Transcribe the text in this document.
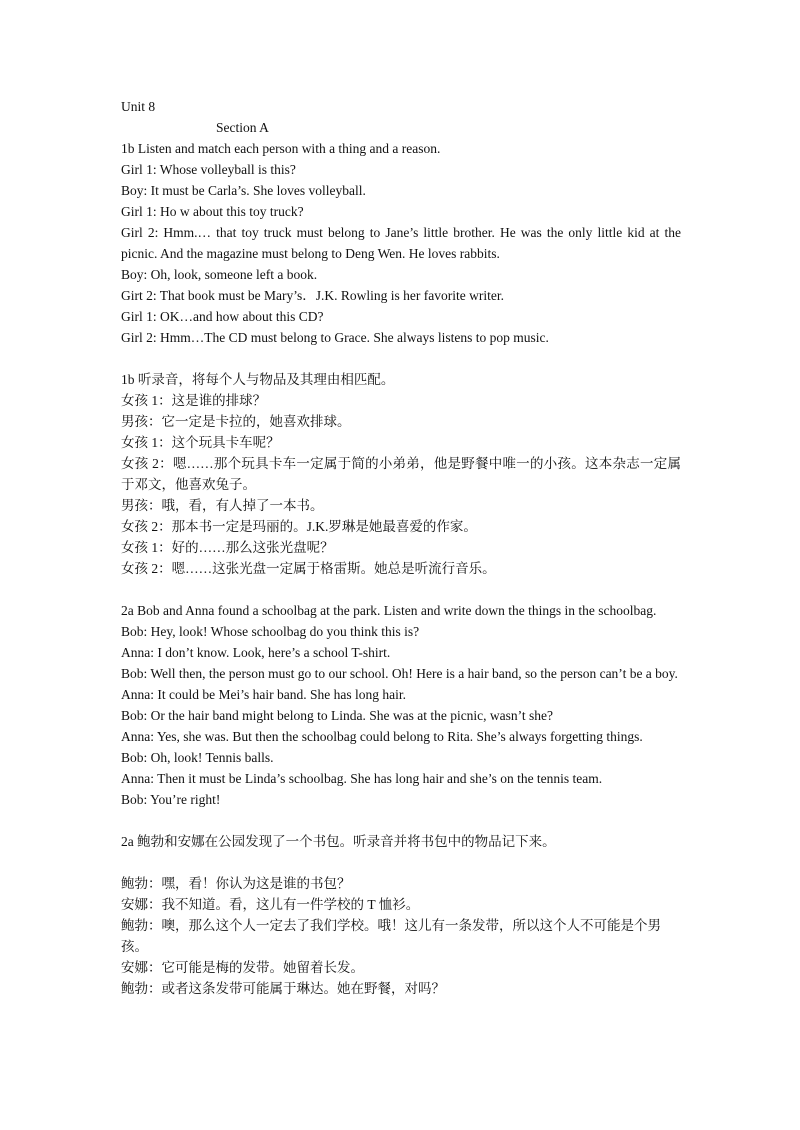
Unit 8

Section A

1b Listen and match each person with a thing and a reason.

Girl 1: Whose volleyball is this?

Boy: It must be Carla’s. She loves volleyball.

Girl 1: Ho w about this toy truck?

Girl 2: Hmm.… that toy truck must belong to Jane’s little brother. He was the only little kid at the picnic. And the magazine must belong to Deng Wen. He loves rabbits.

Boy: Oh, look, someone left a book.

Girt 2: That book must be Mary’s．J.K. Rowling is her favorite writer.

Girl 1: OK…and how about this CD?

Girl 2: Hmm…The CD must belong to Grace. She always listens to pop music.

1b 听录音，将每个人与物品及其理由相匹配。

女孩 1：这是谁的排球？

男孩：它一定是卡拉的，她喜欢排球。

女孩 1：这个玩具卡车呢？

女孩 2：嗯……那个玩具卡车一定属于简的小弟弟，他是野餐中唯一的小孩。这本杂志一定属于邓文，他喜欢兔子。

男孩：哦，看，有人掉了一本书。

女孩 2：那本书一定是玛丽的。J.K.罗琳是她最喜爱的作家。

女孩 1：好的……那么这张光盘呢？

女孩 2：嗯……这张光盘一定属于格雷斯。她总是听流行音乐。

2a Bob and Anna found a schoolbag at the park. Listen and write down the things in the schoolbag.

Bob: Hey, look! Whose schoolbag do you think this is?

Anna: I don’t know. Look, here’s a school T-shirt.

Bob: Well then, the person must go to our school. Oh! Here is a hair band, so the person can’t be a boy.

Anna: It could be Mei’s hair band. She has long hair.

Bob: Or the hair band might belong to Linda. She was at the picnic, wasn’t she?

Anna: Yes, she was. But then the schoolbag could belong to Rita. She’s always forgetting things.

Bob: Oh, look! Tennis balls.

Anna: Then it must be Linda’s schoolbag. She has long hair and she’s on the tennis team.

Bob: You’re right!

2a 鲍勃和安娜在公园发现了一个书包。听录音并将书包中的物品记下来。

鲍勃：嘿，看！你认为这是谁的书包？

安娜：我不知道。看，这儿有一件学校的 T 恤衫。

鲍勃：噢，那么这个人一定去了我们学校。哦！这儿有一条发带，所以这个人不可能是个男孩。

安娜：它可能是梅的发带。她留着长发。

鲍勃：或者这条发带可能属于琳达。她在野餐，对吗？
